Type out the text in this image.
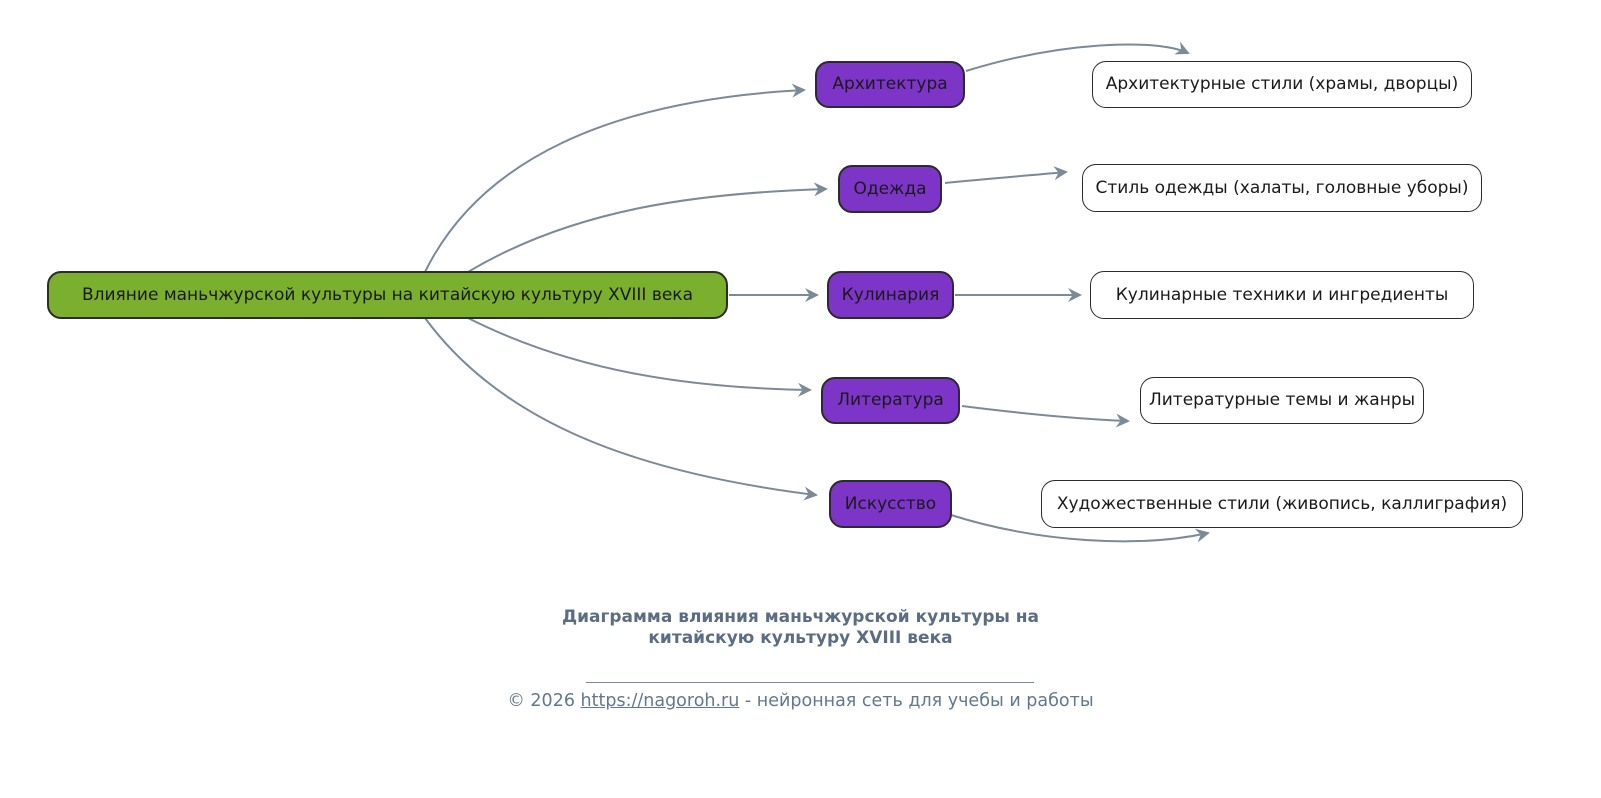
Влияние маньчжурской культуры на китайскую культуру XVIII века
Архитектура
Одежда
Кулинария
Литература
Искусство
Архитектурные стили (храмы, дворцы)
Стиль одежды (халаты, головные уборы)
Кулинарные техники и ингредиенты
Литературные темы и жанры
Художественные стили (живопись, каллиграфия)
Диаграмма влияния маньчжурской культуры на
китайскую культуру XVIII века
© 2026 https://nagoroh.ru - нейронная сеть для учебы и работы
